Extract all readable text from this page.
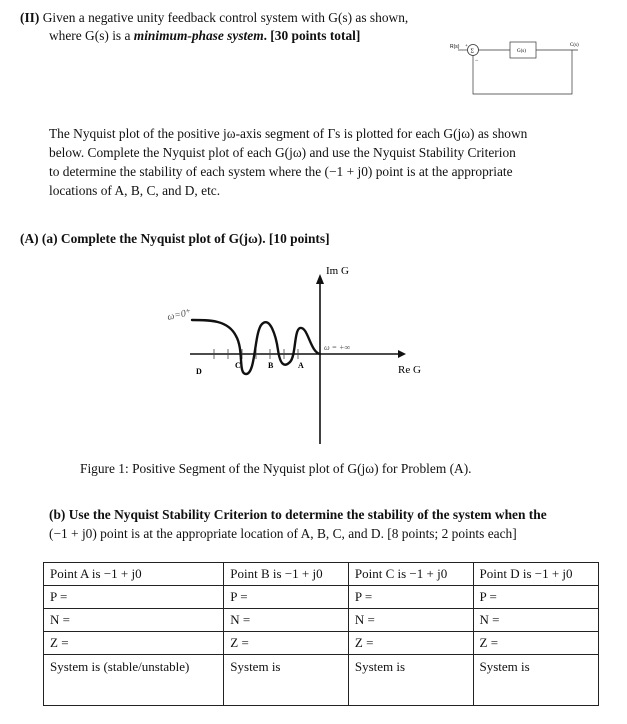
(II) Given a negative unity feedback control system with G(s) as shown,
where G(s) is a minimum-phase system. [30 points total]
R(s) +
Σ
−
G(s)
C(s)
The Nyquist plot of the positive jω-axis segment of Γs is plotted for each G(jω) as shown
below. Complete the Nyquist plot of each G(jω) and use the Nyquist Stability Criterion
to determine the stability of each system where the (−1 + j0) point is at the appropriate
locations of A, B, C, and D, etc.
(A) (a) Complete the Nyquist plot of G(jω). [10 points]
Im G
Re G
ω=0⁺
ω = +∞
D
C	B	A
Figure 1: Positive Segment of the Nyquist plot of G(jω) for Problem (A).
(b) Use the Nyquist Stability Criterion to determine the stability of the system when the
(−1 + j0) point is at the appropriate location of A, B, C, and D. [8 points; 2 points each]
Point A is −1 + j0	Point B is −1 + j0	Point C is −1 + j0	Point D is −1 + j0
P =	P =	P =	P =
N =	N =	N =	N =
Z =	Z =	Z =	Z =
System is (stable/unstable)	System is	System is	System is
